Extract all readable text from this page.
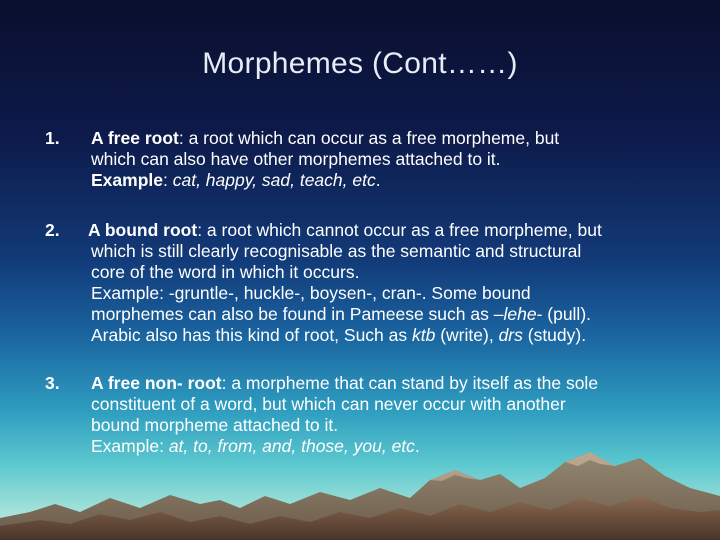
Morphemes (Cont……)
1. A free root: a root which can occur as a free morpheme, but
which can also have other morphemes attached to it.
Example: cat, happy, sad, teach, etc.
2. A bound root: a root which cannot occur as a free morpheme, but
which is still clearly recognisable as the semantic and structural
core of the word in which it occurs.
Example: -gruntle-, huckle-, boysen-, cran-. Some bound
morphemes can also be found in Pameese such as –lehe- (pull).
Arabic also has this kind of root, Such as ktb (write), drs (study).
3. A free non- root: a morpheme that can stand by itself as the sole
constituent of a word, but which can never occur with another
bound morpheme attached to it.
Example: at, to, from, and, those, you, etc.
